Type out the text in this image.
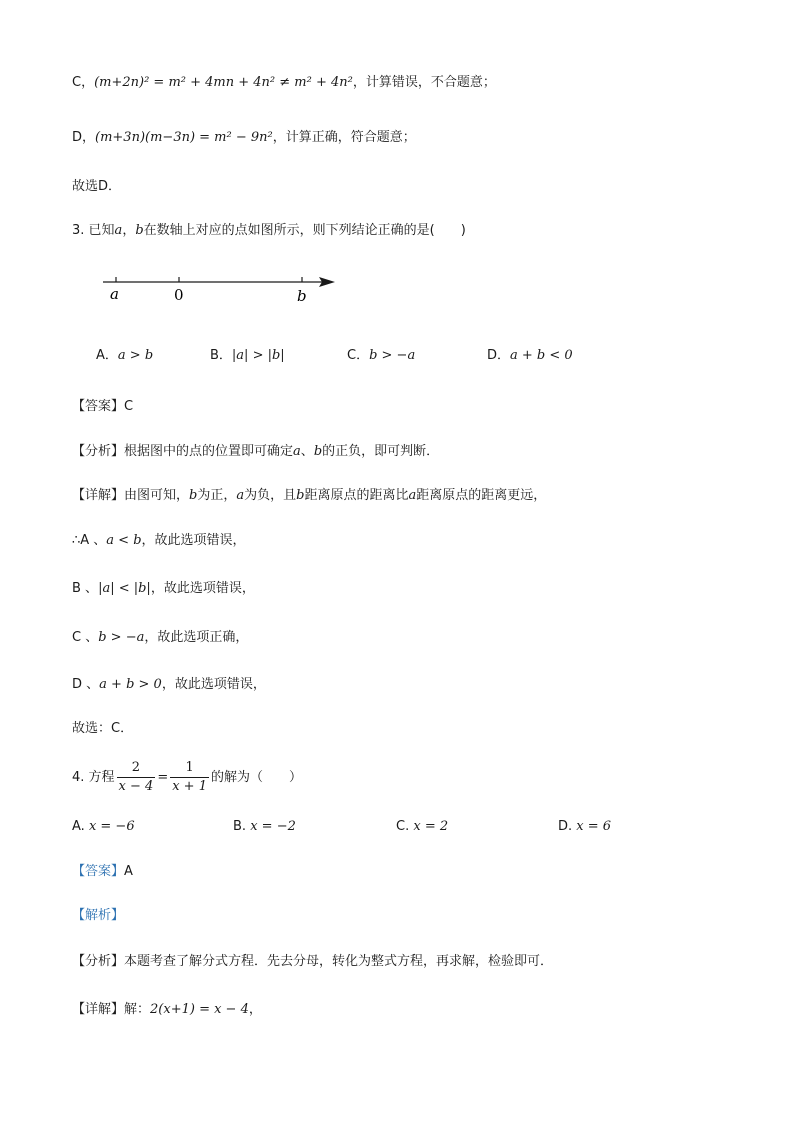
C，(m+2n)² = m² + 4mn + 4n² ≠ m² + 4n²，计算错误，不合题意；
D，(m+3n)(m−3n) = m² − 9n²，计算正确，符合题意；
故选D．
3. 已知a，b在数轴上对应的点如图所示，则下列结论正确的是(　　)
a	0	b
A．a > b	B．|a| > |b|	C．b > −a	D．a + b < 0
【答案】C
【分析】根据图中的点的位置即可确定a、b的正负，即可判断．
【详解】由图可知，b为正，a为负，且b距离原点的距离比a距离原点的距离更远，
∴A 、a < b，故此选项错误，
B 、|a| < |b|，故此选项错误，
C 、b > −a，故此选项正确，
D 、a + b > 0，故此选项错误，
故选：C．
4. 方程 $\frac{2}{x - 4} = \frac{1}{x + 1}$ 的解为（　　）
A. x = −6	B. x = −2	C. x = 2	D. x = 6
【答案】A
【解析】
【分析】本题考查了解分式方程．先去分母，转化为整式方程，再求解，检验即可．
【详解】解：2(x+1) = x − 4，
